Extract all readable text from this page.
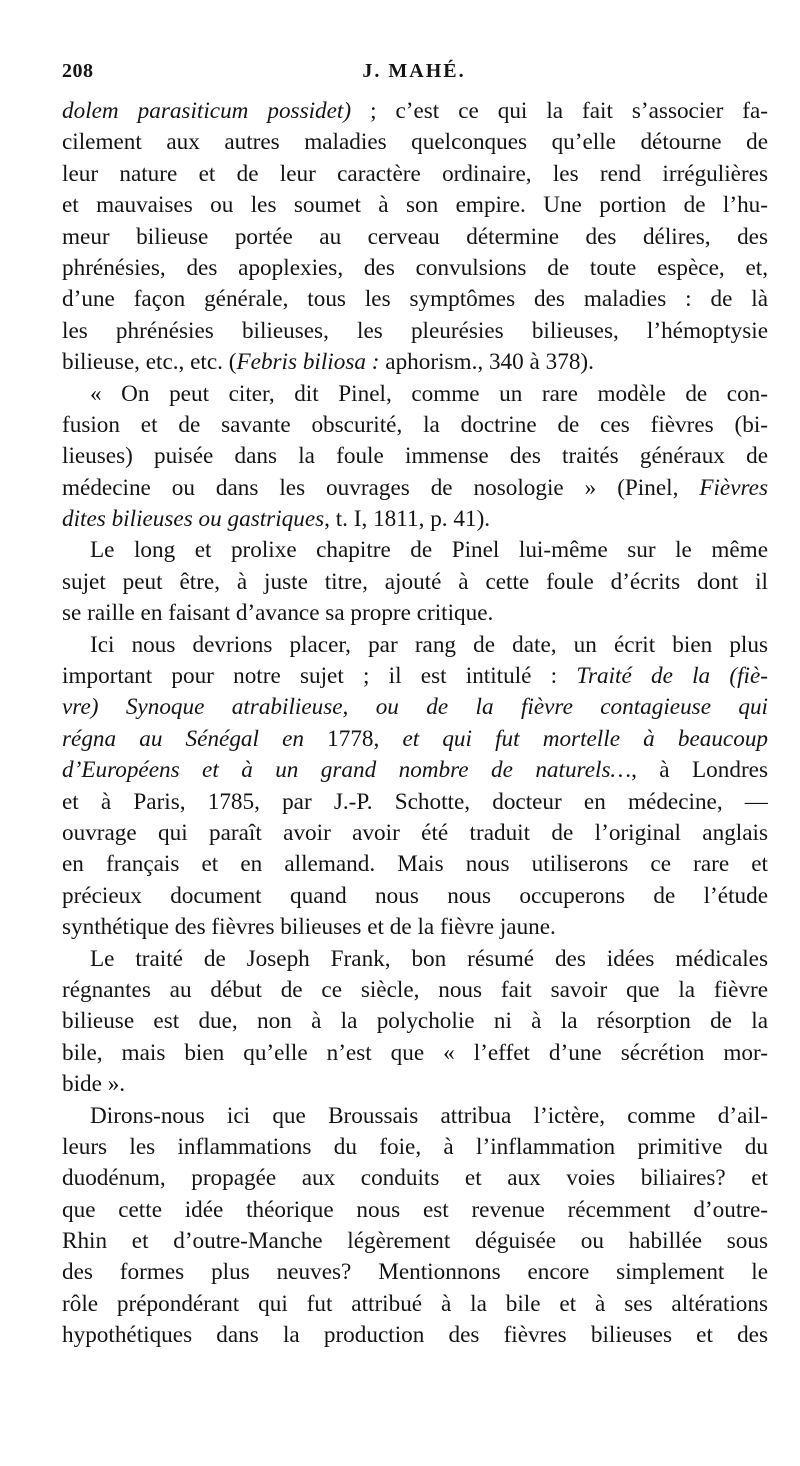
208	J. MAHÉ.
dolem parasiticum possidet) ; c’est ce qui la fait s’associer fa-
cilement aux autres maladies quelconques qu’elle détourne de
leur nature et de leur caractère ordinaire, les rend irrégulières
et mauvaises ou les soumet à son empire. Une portion de l’hu-
meur bilieuse portée au cerveau détermine des délires, des
phrénésies, des apoplexies, des convulsions de toute espèce, et,
d’une façon générale, tous les symptômes des maladies : de là
les phrénésies bilieuses, les pleurésies bilieuses, l’hémoptysie
bilieuse, etc., etc. (Febris biliosa : aphorism., 340 à 378).
« On peut citer, dit Pinel, comme un rare modèle de con-
fusion et de savante obscurité, la doctrine de ces fièvres (bi-
lieuses) puisée dans la foule immense des traités généraux de
médecine ou dans les ouvrages de nosologie » (Pinel, Fièvres
dites bilieuses ou gastriques, t. I, 1811, p. 41).
Le long et prolixe chapitre de Pinel lui-même sur le même
sujet peut être, à juste titre, ajouté à cette foule d’écrits dont il
se raille en faisant d’avance sa propre critique.
Ici nous devrions placer, par rang de date, un écrit bien plus
important pour notre sujet ; il est intitulé : Traité de la (fiè-
vre) Synoque atrabilieuse, ou de la fièvre contagieuse qui
régna au Sénégal en 1778, et qui fut mortelle à beaucoup
d’Européens et à un grand nombre de naturels…, à Londres
et à Paris, 1785, par J.-P. Schotte, docteur en médecine, —
ouvrage qui paraît avoir avoir été traduit de l’original anglais
en français et en allemand. Mais nous utiliserons ce rare et
précieux document quand nous nous occuperons de l’étude
synthétique des fièvres bilieuses et de la fièvre jaune.
Le traité de Joseph Frank, bon résumé des idées médicales
régnantes au début de ce siècle, nous fait savoir que la fièvre
bilieuse est due, non à la polycholie ni à la résorption de la
bile, mais bien qu’elle n’est que « l’effet d’une sécrétion mor-
bide ».
Dirons-nous ici que Broussais attribua l’ictère, comme d’ail-
leurs les inflammations du foie, à l’inflammation primitive du
duodénum, propagée aux conduits et aux voies biliaires? et
que cette idée théorique nous est revenue récemment d’outre-
Rhin et d’outre-Manche légèrement déguisée ou habillée sous
des formes plus neuves? Mentionnons encore simplement le
rôle prépondérant qui fut attribué à la bile et à ses altérations
hypothétiques dans la production des fièvres bilieuses et des
